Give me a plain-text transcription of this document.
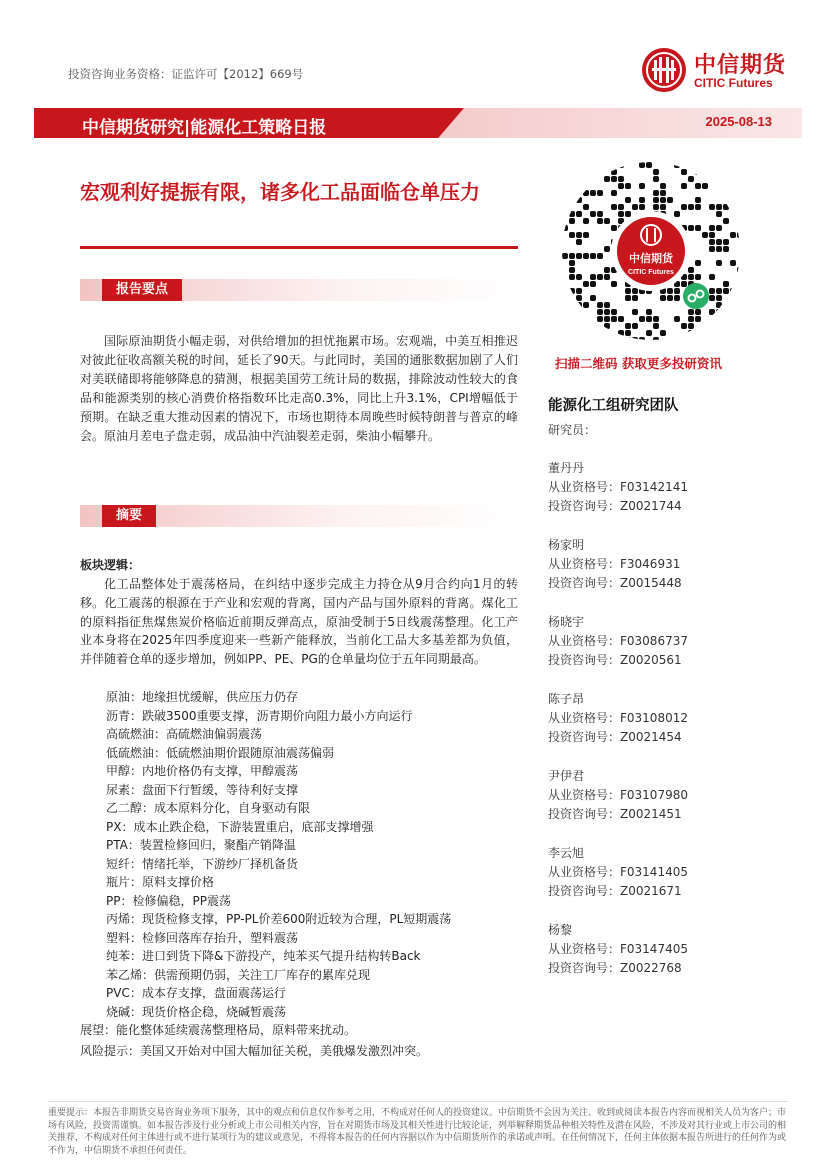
投资咨询业务资格：证监许可【2012】669号	中信期货
CITIC Futures
中信期货研究|能源化工策略日报	2025-08-13
宏观利好提振有限，诸多化工品面临仓单压力
报告要点
国际原油期货小幅走弱，对供给增加的担忧拖累市场。宏观端，中美互相推迟对彼此征收高额关税的时间，延长了90天。与此同时，美国的通胀数据加剧了人们对美联储即将能够降息的猜测，根据美国劳工统计局的数据，排除波动性较大的食品和能源类别的核心消费价格指数环比走高0.3%，同比上升3.1%，CPI增幅低于预期。在缺乏重大推动因素的情况下，市场也期待本周晚些时候特朗普与普京的峰会。原油月差电子盘走弱，成品油中汽油裂差走弱，柴油小幅攀升。
摘要
板块逻辑：
化工品整体处于震荡格局，在纠结中逐步完成主力持仓从9月合约向1月的转移。化工震荡的根源在于产业和宏观的背离，国内产品与国外原料的背离。煤化工的原料指征焦煤焦炭价格临近前期反弹高点，原油受制于5日线震荡整理。化工产业本身将在2025年四季度迎来一些新产能释放，当前化工品大多基差都为负值，并伴随着仓单的逐步增加，例如PP、PE、PG的仓单量均位于五年同期最高。
原油：地缘担忧缓解，供应压力仍存
沥青：跌破3500重要支撑，沥青期价向阻力最小方向运行
高硫燃油：高硫燃油偏弱震荡
低硫燃油：低硫燃油期价跟随原油震荡偏弱
甲醇：内地价格仍有支撑，甲醇震荡
尿素：盘面下行暂缓，等待利好支撑
乙二醇：成本原料分化，自身驱动有限
PX：成本止跌企稳，下游装置重启，底部支撑增强
PTA：装置检修回归，聚酯产销降温
短纤：情绪托举，下游纱厂择机备货
瓶片：原料支撑价格
PP：检修偏稳，PP震荡
丙烯：现货检修支撑，PP-PL价差600附近较为合理，PL短期震荡
塑料：检修回落库存抬升，塑料震荡
纯苯：进口到货下降&下游投产，纯苯买气提升结构转Back
苯乙烯：供需预期仍弱，关注工厂库存的累库兑现
PVC：成本存支撑，盘面震荡运行
烧碱：现货价格企稳，烧碱暂震荡
展望：能化整体延续震荡整理格局，原料带来扰动。
风险提示：美国又开始对中国大幅加征关税，美俄爆发激烈冲突。
中信期货
CITIC Futures
扫描二维码 获取更多投研资讯
能源化工组研究团队
研究员：
董丹丹
从业资格号：F03142141
投资咨询号：Z0021744
杨家明
从业资格号：F3046931
投资咨询号：Z0015448
杨晓宇
从业资格号：F03086737
投资咨询号：Z0020561
陈子昂
从业资格号：F03108012
投资咨询号：Z0021454
尹伊君
从业资格号：F03107980
投资咨询号：Z0021451
李云旭
从业资格号：F03141405
投资咨询号：Z0021671
杨黎
从业资格号：F03147405
投资咨询号：Z0022768
重要提示：本报告非期货交易咨询业务项下服务，其中的观点和信息仅作参考之用，不构成对任何人的投资建议。中信期货不会因为关注、收到或阅读本报告内容而视相关人员为客户；市场有风险，投资需谨慎。如本报告涉及行业分析或上市公司相关内容，旨在对期货市场及其相关性进行比较论证，列举解释期货品种相关特性及潜在风险，不涉及对其行业或上市公司的相关推荐，不构成对任何主体进行或不进行某项行为的建议或意见，不得将本报告的任何内容据以作为中信期货所作的承诺或声明。在任何情况下，任何主体依据本报告所进行的任何作为或不作为，中信期货不承担任何责任。
